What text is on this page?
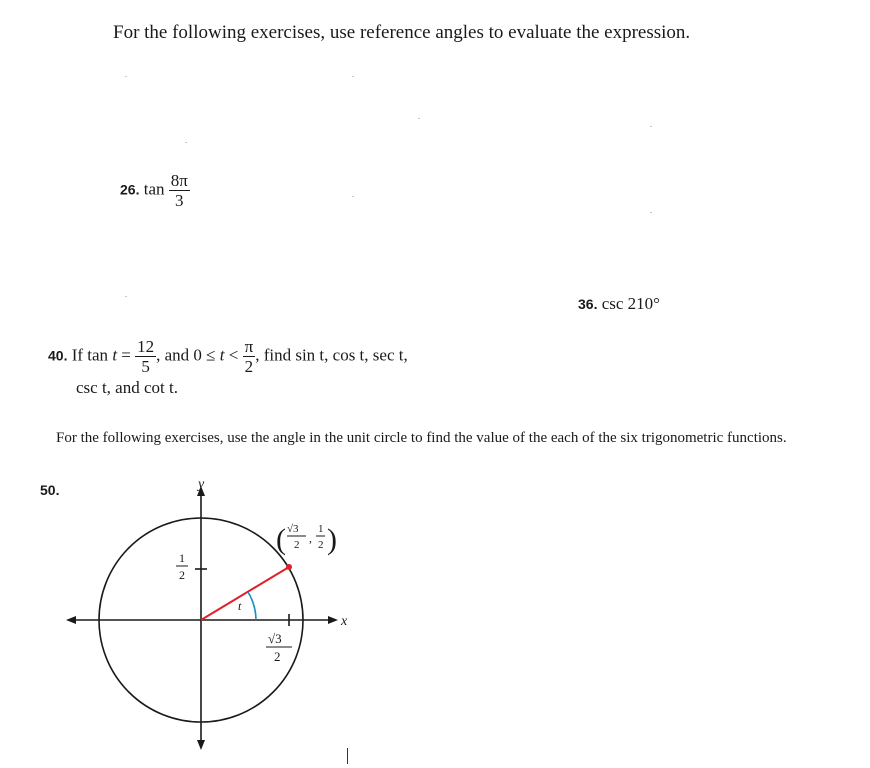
For the following exercises, use reference angles to evaluate the expression.
26. $\tan \frac{8\pi}{3}$
36. csc 210°
40. If $\tan t = \frac{12}{5}$ , and $0 \le t < \frac{\pi}{2}$ , find sin t, cos t, sec t,
csc t, and cot t.
For the following exercises, use the angle in the unit circle to find the value of the each of the six trigonometric functions.
50.	y
x
t
1
2
√3
2
( √3
2 ,
1
2 )
